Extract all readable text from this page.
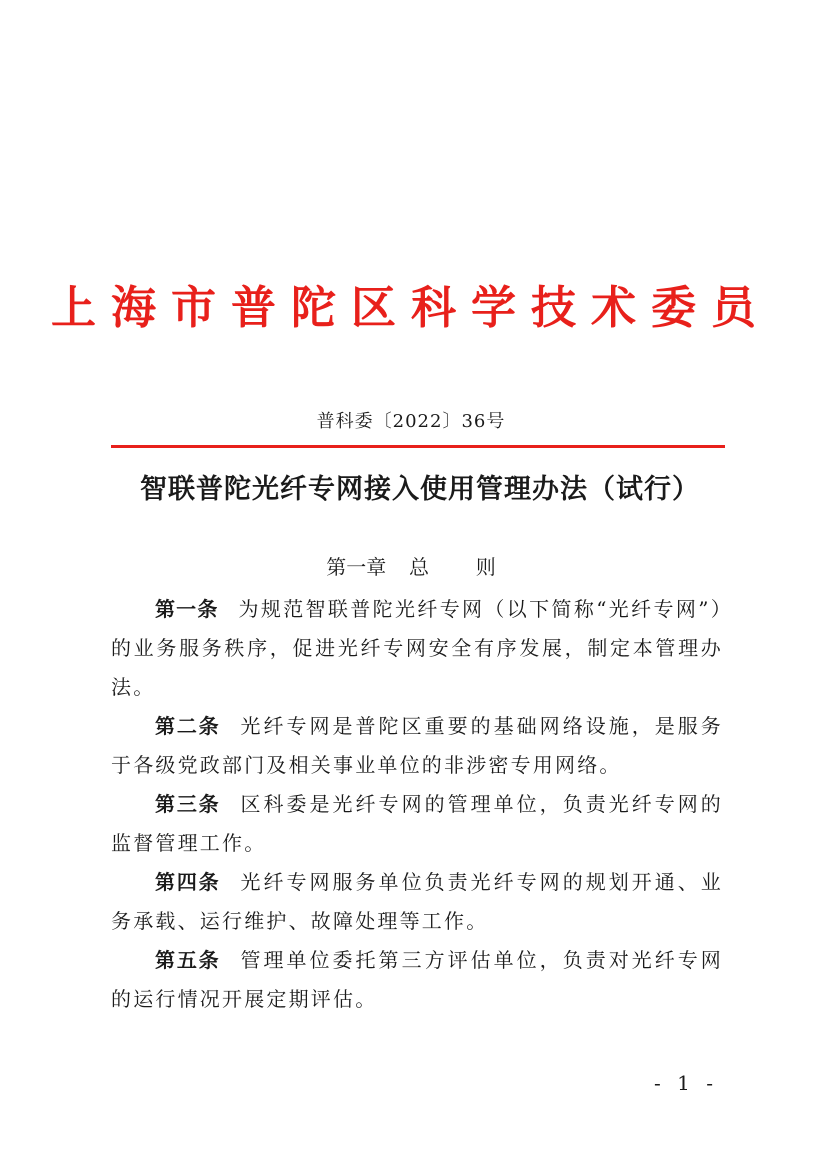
上海市普陀区科学技术委员
普科委〔2022〕36号
智联普陀光纤专网接入使用管理办法（试行）
第一章 总 则

第一条 为规范智联普陀光纤专网（以下简称“光纤专网”）的业务服务秩序，促进光纤专网安全有序发展，制定本管理办法。

第二条 光纤专网是普陀区重要的基础网络设施，是服务于各级党政部门及相关事业单位的非涉密专用网络。

第三条 区科委是光纤专网的管理单位，负责光纤专网的监督管理工作。

第四条 光纤专网服务单位负责光纤专网的规划开通、业务承载、运行维护、故障处理等工作。

第五条 管理单位委托第三方评估单位，负责对光纤专网的运行情况开展定期评估。

- 1 -
